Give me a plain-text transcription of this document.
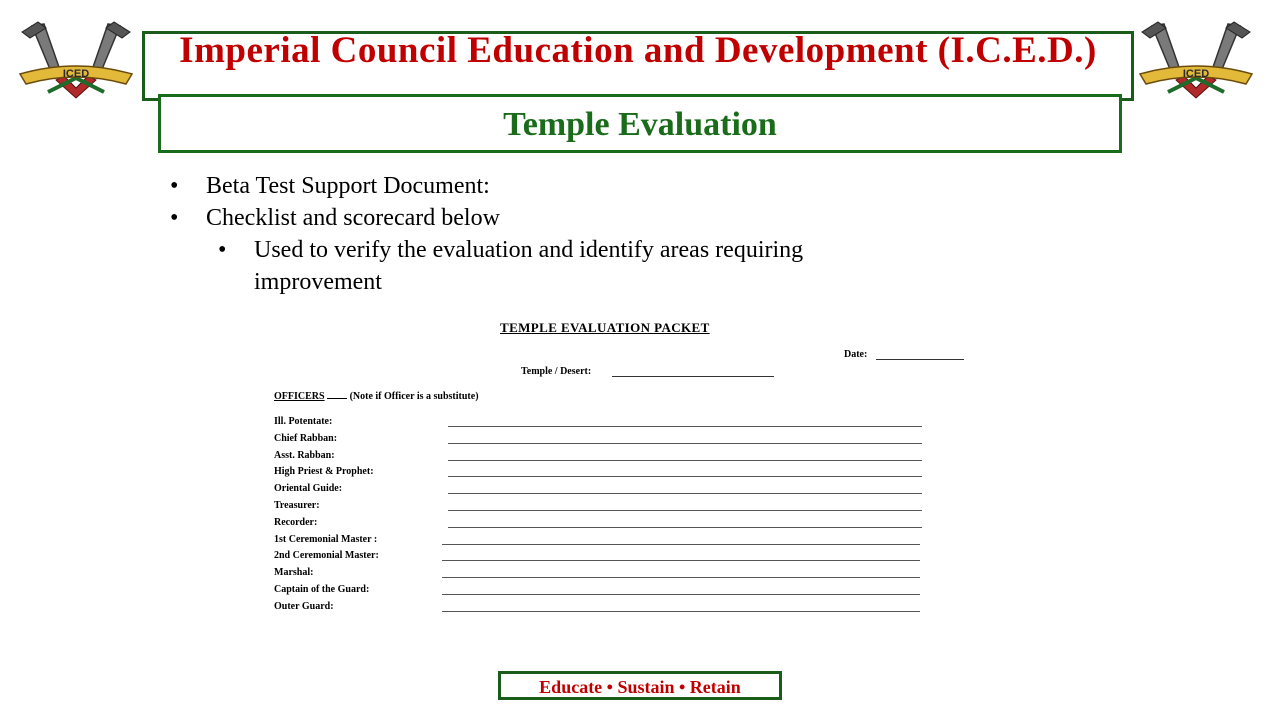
ICED	ICED
Imperial Council Education and Development (I.C.E.D.)
Temple Evaluation
• Beta Test Support Document:
• Checklist and scorecard below
• Used to verify the evaluation and identify areas requiring improvement
TEMPLE EVALUATION PACKET
Date:
Temple / Desert:
OFFICERS	(Note if Officer is a substitute)
Ill. Potentate:
Chief Rabban:
Asst. Rabban:
High Priest & Prophet:
Oriental Guide:
Treasurer:
Recorder:
1st Ceremonial Master :
2nd Ceremonial Master:
Marshal:
Captain of the Guard:
Outer Guard:
Educate • Sustain • Retain
